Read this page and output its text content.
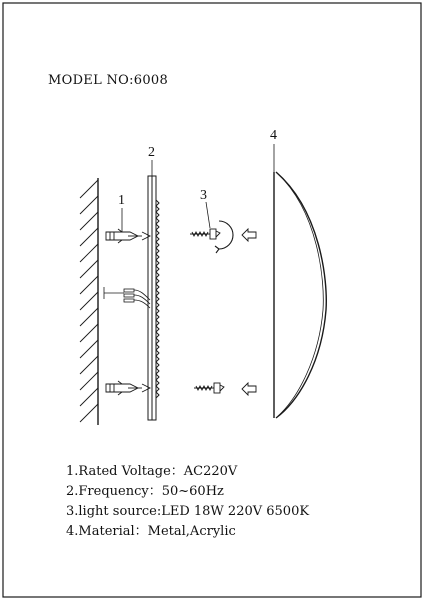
MODEL NO:6008
1
2
3
4
1.Rated Voltage：AC220V
2.Frequency：50~60Hz
3.light source:LED 18W 220V 6500K
4.Material：Metal,Acrylic
